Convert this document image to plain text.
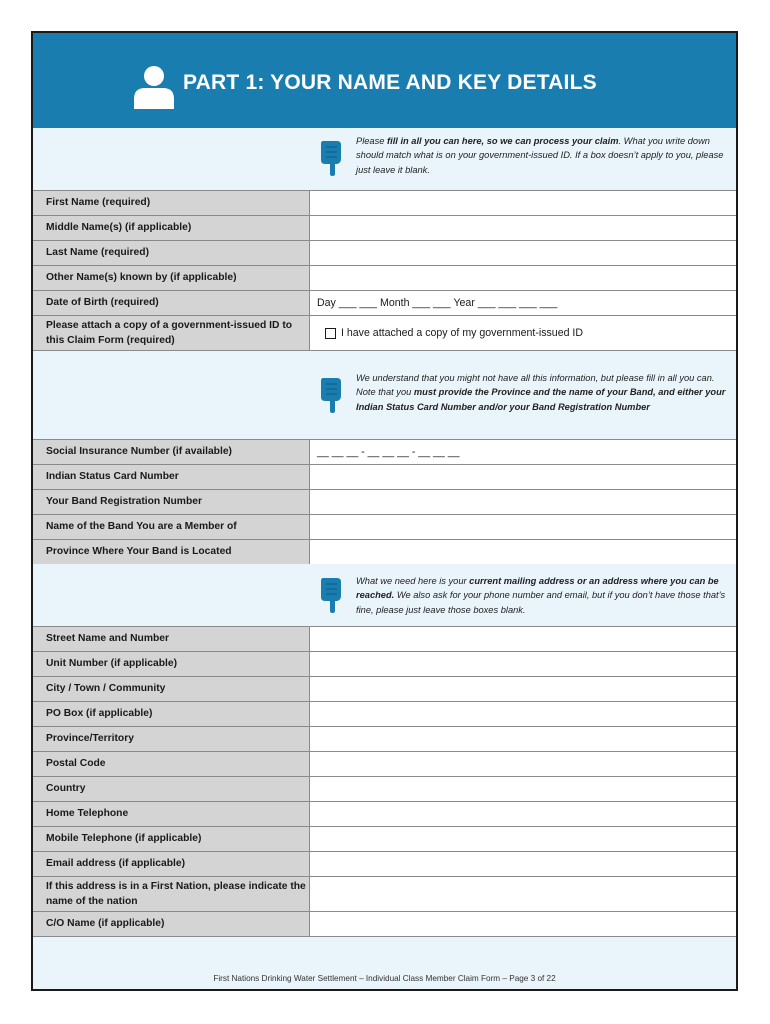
PART 1: YOUR NAME AND KEY DETAILS
Please fill in all you can here, so we can process your claim. What you write down should match what is on your government-issued ID. If a box doesn’t apply to you, please just leave it blank.
First Name (required)
Middle Name(s) (if applicable)
Last Name (required)
Other Name(s) known by (if applicable)
Date of Birth (required)	Day ___ ___ Month ___ ___ Year ___ ___ ___ ___
Please attach a copy of a government-issued ID to this Claim Form (required)
I have attached a copy of my government-issued ID
We understand that you might not have all this information, but please fill in all you can. Note that you must provide the Province and the name of your Band, and either your Indian Status Card Number and/or your Band Registration Number
Social Insurance Number (if available)	__ __ __ - __ __ __ - __ __ __
Indian Status Card Number
Your Band Registration Number
Name of the Band You are a Member of
Province Where Your Band is Located
What we need here is your current mailing address or an address where you can be reached. We also ask for your phone number and email, but if you don’t have those that’s fine, please just leave those boxes blank.
Street Name and Number
Unit Number (if applicable)
City / Town / Community
PO Box (if applicable)
Province/Territory
Postal Code
Country
Home Telephone
Mobile Telephone (if applicable)
Email address (if applicable)
If this address is in a First Nation, please indicate the name of the nation
C/O Name (if applicable)
First Nations Drinking Water Settlement – Individual Class Member Claim Form – Page 3 of 22
